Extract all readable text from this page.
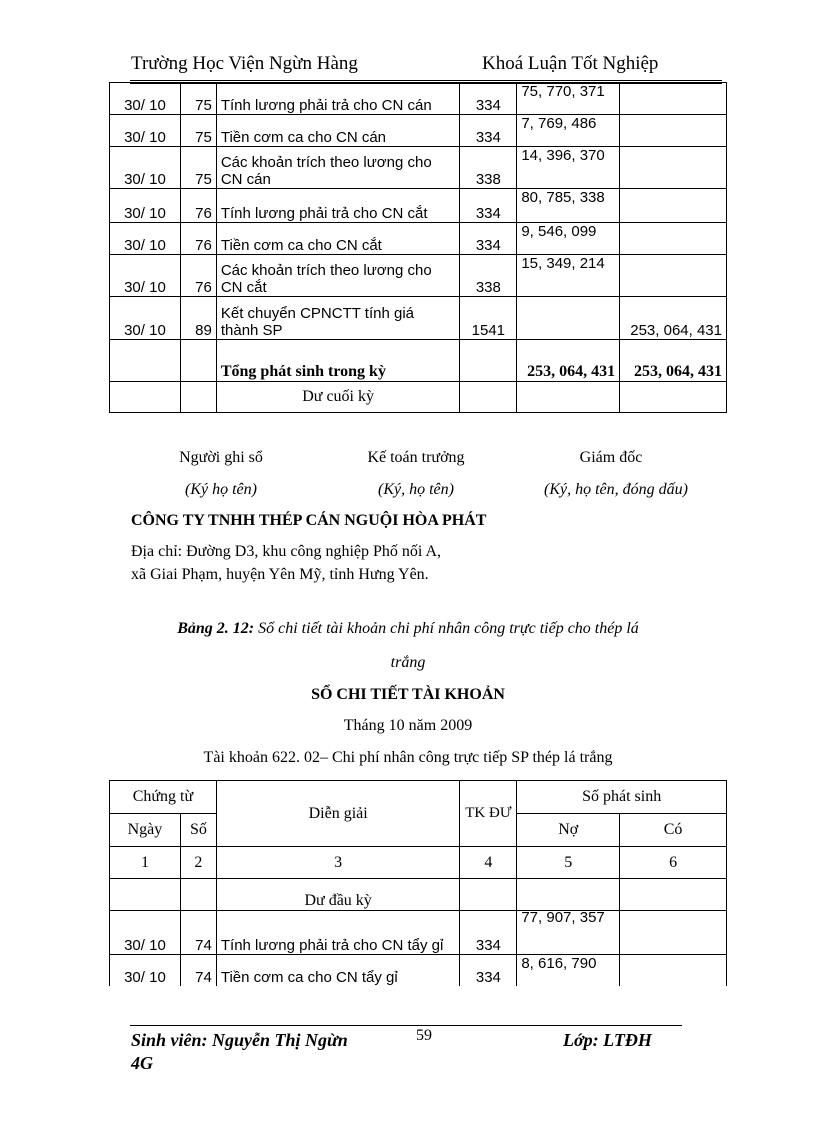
Trường Học Viện Ngừn Hàng	Khoá Luận Tốt Nghiệp
30/ 10	75	Tính lương phải trả cho CN cán	334	75, 770, 371	
30/ 10	75	Tiền cơm ca cho CN cán	334	7, 769, 486	
30/ 10	75	Các khoản trích theo lương cho CN cán	338	14, 396, 370	
30/ 10	76	Tính lương phải trả cho CN cắt	334	80, 785, 338	
30/ 10	76	Tiền cơm ca cho CN cắt	334	9, 546, 099	
30/ 10	76	Các khoản trích theo lương cho CN cắt	338	15, 349, 214	
30/ 10	89	Kết chuyển CPNCTT tính giá thành SP	1541		253, 064, 431
		Tổng phát sinh trong kỳ		253, 064, 431	253, 064, 431
		Dư cuối kỳ			
Người ghi sổ
(Ký họ tên)
Kế toán trưởng
(Ký, họ tên)
Giám đốc
(Ký, họ tên, đóng dấu)
CÔNG TY TNHH THÉP CÁN NGUỘI HÒA PHÁT
Địa chỉ: Đường D3, khu công nghiệp Phố nối A,
xã Giai Phạm, huyện Yên Mỹ, tỉnh Hưng Yên.
Bảng 2. 12: Sổ chi tiết tài khoản chi phí nhân công trực tiếp cho thép lá
trắng
SỔ CHI TIẾT TÀI KHOẢN
Tháng 10 năm 2009
Tài khoản 622. 02– Chi phí nhân công trực tiếp SP thép lá trắng
Chứng từ		Diễn giải	TK ĐƯ	Số phát sinh	
Ngày	Số			Nợ	Có
1	2	3	4	5	6
		Dư đầu kỳ			
30/ 10	74	Tính lương phải trả cho CN tẩy gỉ	334	77, 907, 357	
30/ 10	74	Tiền cơm ca cho CN tẩy gỉ	334	8, 616, 790	
Sinh viên: Nguyễn Thị Ngừn
4G
59	Lớp: LTĐH
